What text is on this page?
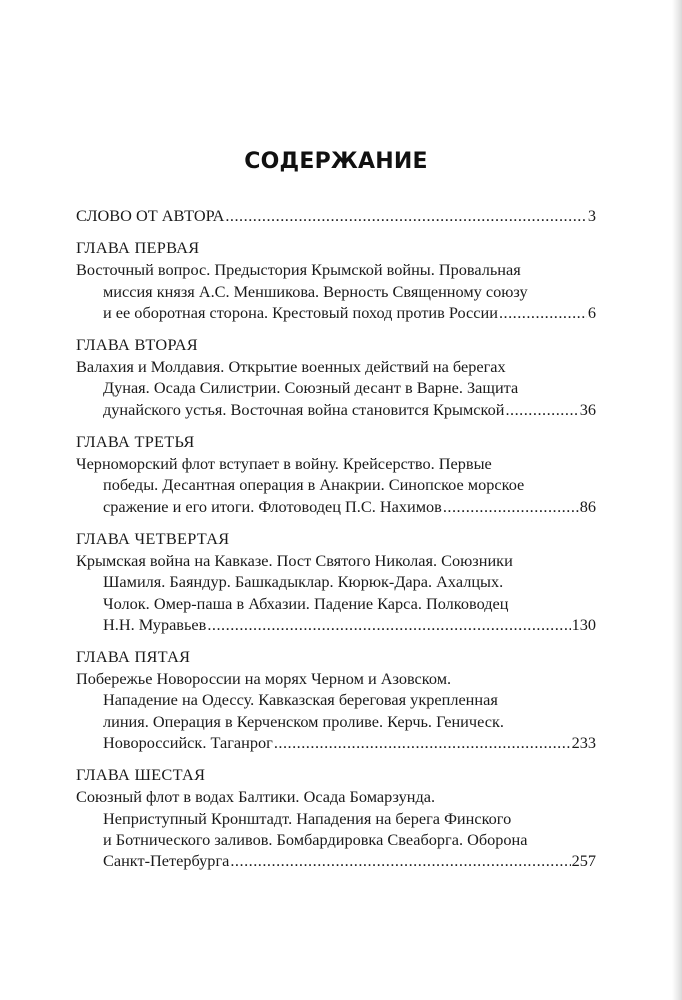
СОДЕРЖАНИЕ
СЛОВО ОТ АВТОРА .....	3
ГЛАВА ПЕРВАЯ
Восточный вопрос. Предыстория Крымской войны. Провальная
миссия князя А.С. Меншикова. Верность Священному союзу
и ее оборотная сторона. Крестовый поход против России .....	6
ГЛАВА ВТОРАЯ
Валахия и Молдавия. Открытие военных действий на берегах
Дуная. Осада Силистрии. Союзный десант в Варне. Защита
дунайского устья. Восточная война становится Крымской .....	36
ГЛАВА ТРЕТЬЯ
Черноморский флот вступает в войну. Крейсерство. Первые
победы. Десантная операция в Анакрии. Синопское морское
сражение и его итоги. Флотоводец П.С. Нахимов .....	86
ГЛАВА ЧЕТВЕРТАЯ
Крымская война на Кавказе. Пост Святого Николая. Союзники
Шамиля. Баяндур. Башкадыклар. Кюрюк-Дара. Ахалцых.
Чолок. Омер-паша в Абхазии. Падение Карса. Полководец
Н.Н. Муравьев .....	130
ГЛАВА ПЯТАЯ
Побережье Новороссии на морях Черном и Азовском.
Нападение на Одессу. Кавказская береговая укрепленная
линия. Операция в Керченском проливе. Керчь. Геническ.
Новороссийск. Таганрог .....	233
ГЛАВА ШЕСТАЯ
Союзный флот в водах Балтики. Осада Бомарзунда.
Неприступный Кронштадт. Нападения на берега Финского
и Ботнического заливов. Бомбардировка Свеаборга. Оборона
Санкт-Петербурга .....	257
